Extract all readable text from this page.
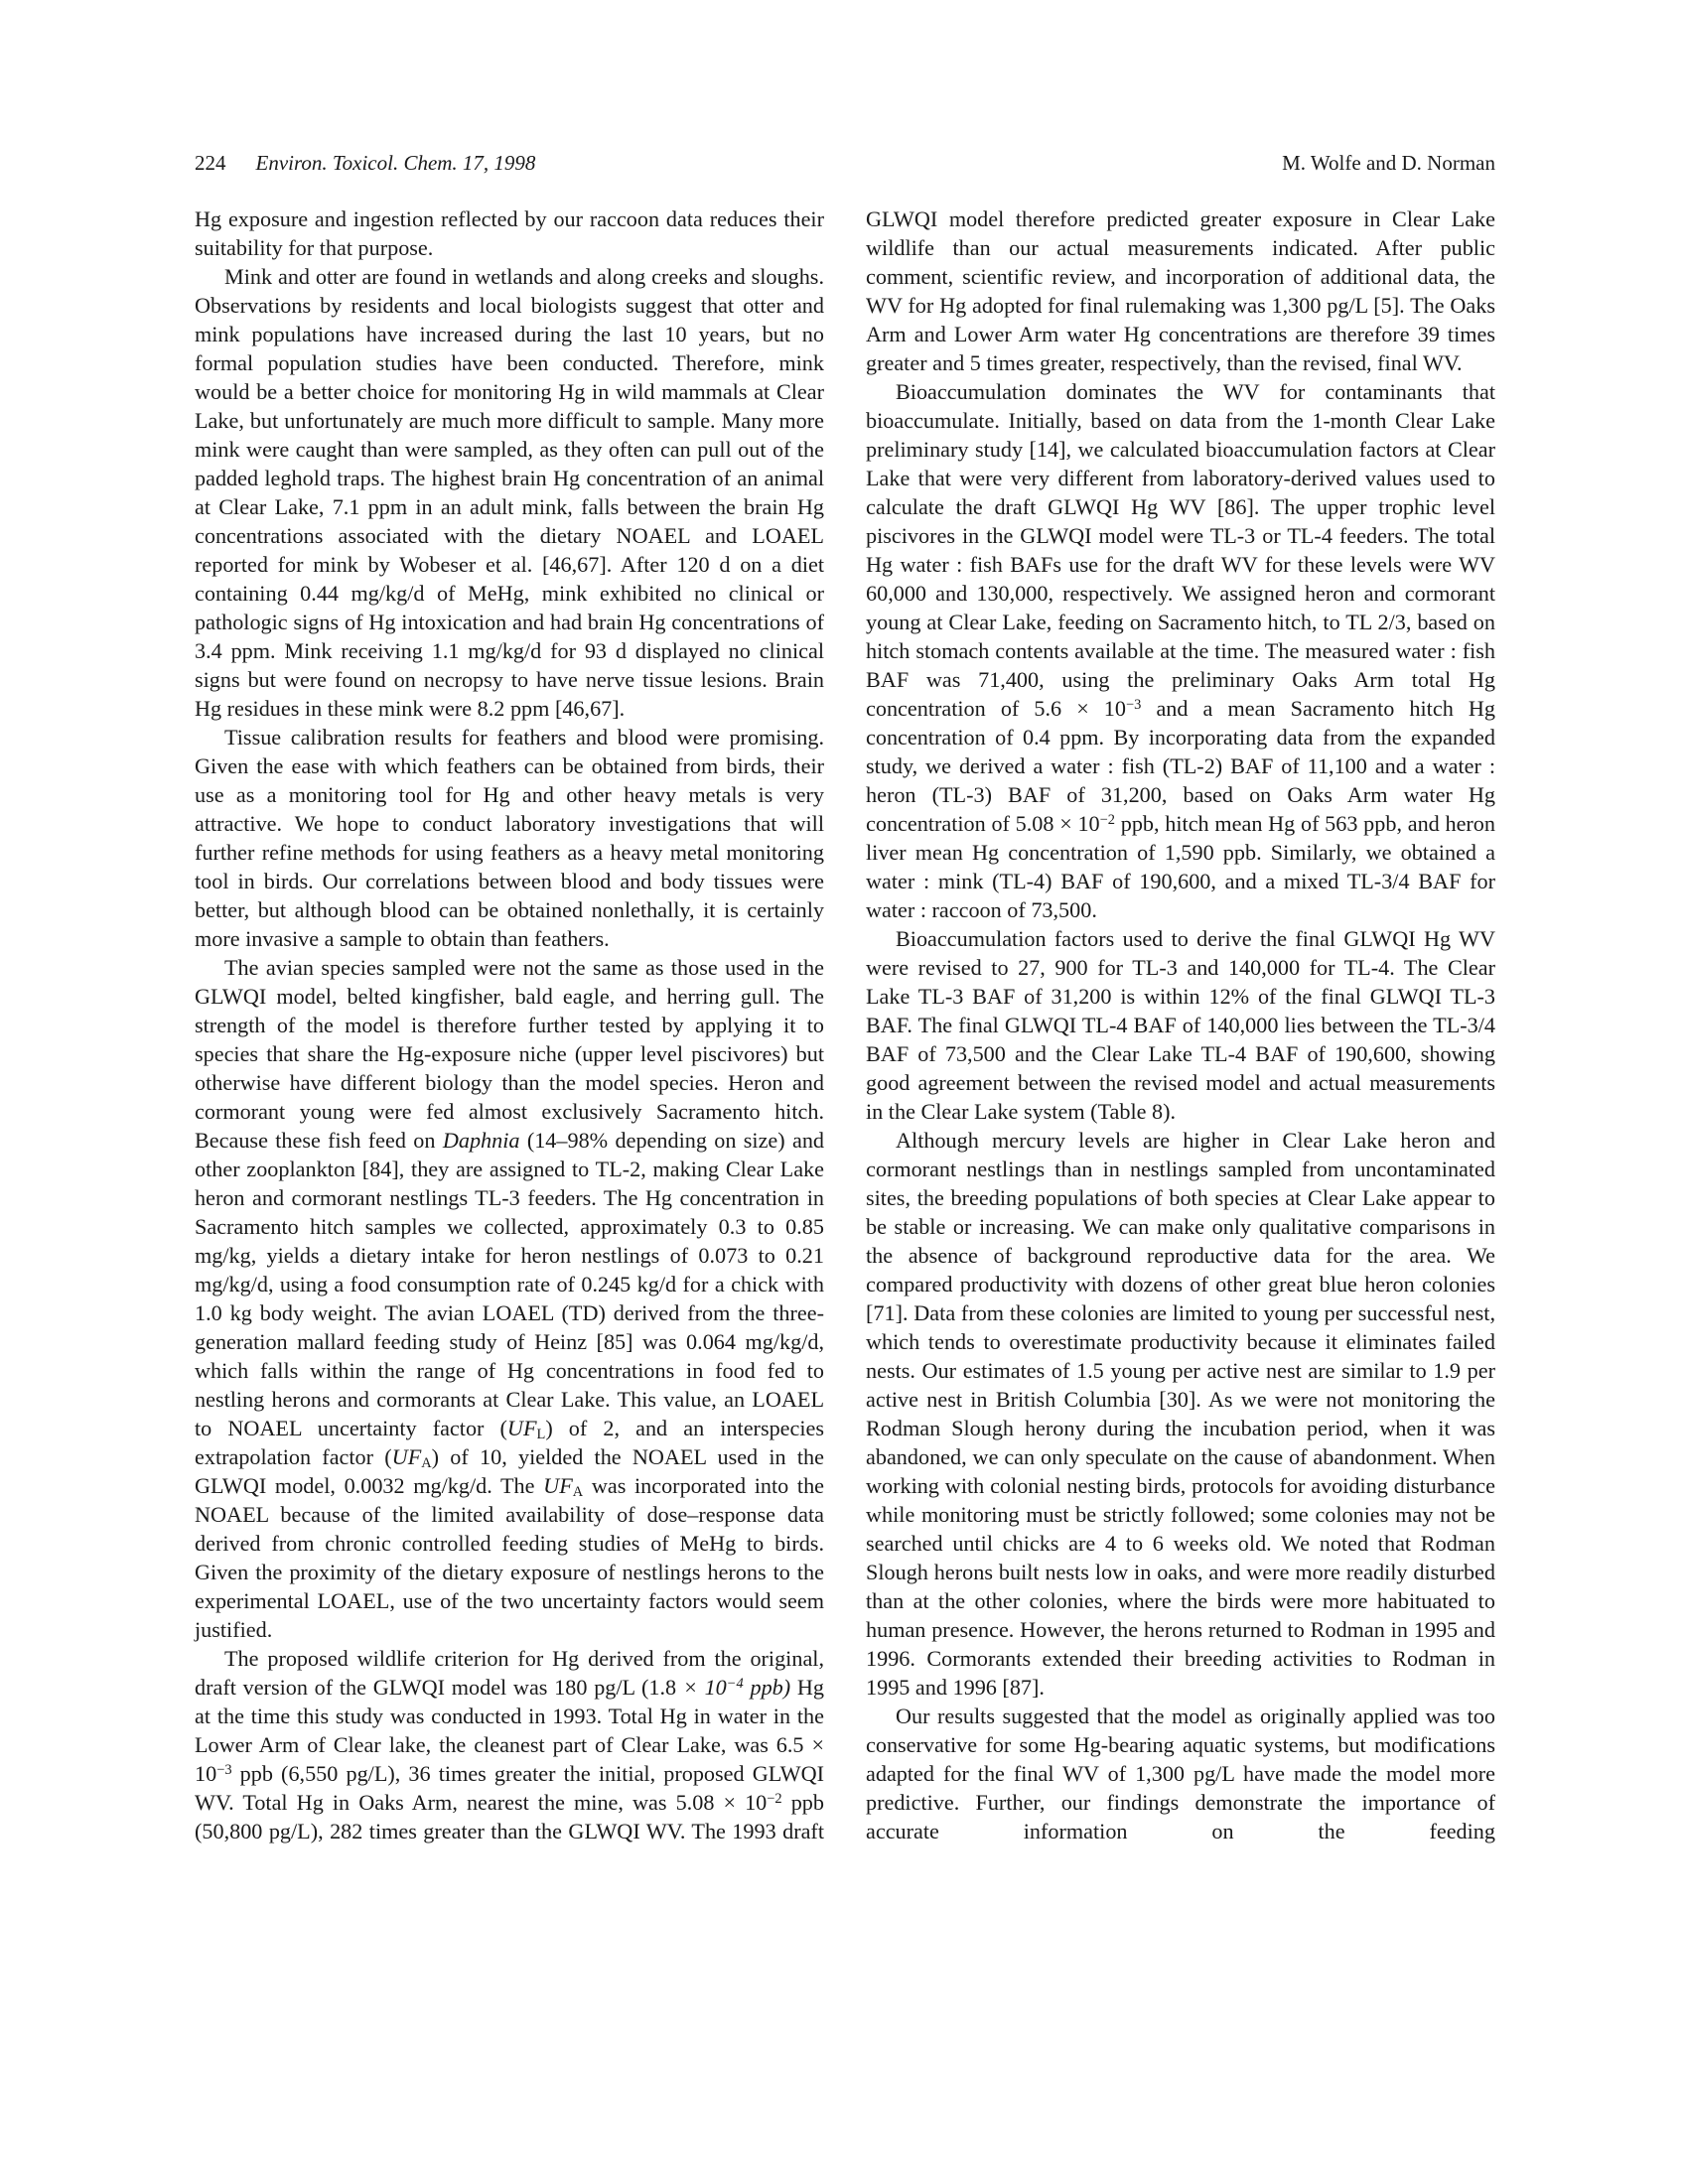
224 Environ. Toxicol. Chem. 17, 1998	M. Wolfe and D. Norman

Hg exposure and ingestion reflected by our raccoon data reduces their suitability for that purpose.

Mink and otter are found in wetlands and along creeks and sloughs. Observations by residents and local biologists suggest that otter and mink populations have increased during the last 10 years, but no formal population studies have been conducted. Therefore, mink would be a better choice for monitoring Hg in wild mammals at Clear Lake, but unfortunately are much more difficult to sample. Many more mink were caught than were sampled, as they often can pull out of the padded leghold traps. The highest brain Hg concentration of an animal at Clear Lake, 7.1 ppm in an adult mink, falls between the brain Hg concentrations associated with the dietary NOAEL and LOAEL reported for mink by Wobeser et al. [46,67]. After 120 d on a diet containing 0.44 mg/kg/d of MeHg, mink exhibited no clinical or pathologic signs of Hg intoxication and had brain Hg concentrations of 3.4 ppm. Mink receiving 1.1 mg/kg/d for 93 d displayed no clinical signs but were found on necropsy to have nerve tissue lesions. Brain Hg residues in these mink were 8.2 ppm [46,67].

Tissue calibration results for feathers and blood were promising. Given the ease with which feathers can be obtained from birds, their use as a monitoring tool for Hg and other heavy metals is very attractive. We hope to conduct laboratory investigations that will further refine methods for using feathers as a heavy metal monitoring tool in birds. Our correlations between blood and body tissues were better, but although blood can be obtained nonlethally, it is certainly more invasive a sample to obtain than feathers.

The avian species sampled were not the same as those used in the GLWQI model, belted kingfisher, bald eagle, and herring gull. The strength of the model is therefore further tested by applying it to species that share the Hg-exposure niche (upper level piscivores) but otherwise have different biology than the model species. Heron and cormorant young were fed almost exclusively Sacramento hitch. Because these fish feed on Daphnia (14–98% depending on size) and other zooplankton [84], they are assigned to TL-2, making Clear Lake heron and cormorant nestlings TL-3 feeders. The Hg concentration in Sacramento hitch samples we collected, approximately 0.3 to 0.85 mg/kg, yields a dietary intake for heron nestlings of 0.073 to 0.21 mg/kg/d, using a food consumption rate of 0.245 kg/d for a chick with 1.0 kg body weight. The avian LOAEL (TD) derived from the three-generation mallard feeding study of Heinz [85] was 0.064 mg/kg/d, which falls within the range of Hg concentrations in food fed to nestling herons and cormorants at Clear Lake. This value, an LOAEL to NOAEL uncertainty factor $(UF_L)$ of 2, and an interspecies extrapolation factor $(UF_A)$ of 10, yielded the NOAEL used in the GLWQI model, 0.0032 mg/kg/d. The $UF_A$ was incorporated into the NOAEL because of the limited availability of dose–response data derived from chronic controlled feeding studies of MeHg to birds. Given the proximity of the dietary exposure of nestlings herons to the experimental LOAEL, use of the two uncertainty factors would seem justified.

The proposed wildlife criterion for Hg derived from the original, draft version of the GLWQI model was 180 pg/L ($1.8 \times 10^{-4}$ ppb) Hg at the time this study was conducted in 1993. Total Hg in water in the Lower Arm of Clear lake, the cleanest part of Clear Lake, was $6.5 \times 10^{-3}$ ppb (6,550 pg/L), 36 times greater the initial, proposed GLWQI WV. Total Hg in Oaks Arm, nearest the mine, was $5.08 \times 10^{-2}$ ppb (50,800 pg/L), 282 times greater than the GLWQI WV. The 1993 draft

GLWQI model therefore predicted greater exposure in Clear Lake wildlife than our actual measurements indicated. After public comment, scientific review, and incorporation of additional data, the WV for Hg adopted for final rulemaking was 1,300 pg/L [5]. The Oaks Arm and Lower Arm water Hg concentrations are therefore 39 times greater and 5 times greater, respectively, than the revised, final WV.

Bioaccumulation dominates the WV for contaminants that bioaccumulate. Initially, based on data from the 1-month Clear Lake preliminary study [14], we calculated bioaccumulation factors at Clear Lake that were very different from laboratory-derived values used to calculate the draft GLWQI Hg WV [86]. The upper trophic level piscivores in the GLWQI model were TL-3 or TL-4 feeders. The total Hg water : fish BAFs use for the draft WV for these levels were WV 60,000 and 130,000, respectively. We assigned heron and cormorant young at Clear Lake, feeding on Sacramento hitch, to TL 2/3, based on hitch stomach contents available at the time. The measured water : fish BAF was 71,400, using the preliminary Oaks Arm total Hg concentration of $5.6 \times 10^{-3}$ and a mean Sacramento hitch Hg concentration of 0.4 ppm. By incorporating data from the expanded study, we derived a water : fish (TL-2) BAF of 11,100 and a water : heron (TL-3) BAF of 31,200, based on Oaks Arm water Hg concentration of $5.08 \times 10^{-2}$ ppb, hitch mean Hg of 563 ppb, and heron liver mean Hg concentration of 1,590 ppb. Similarly, we obtained a water : mink (TL-4) BAF of 190,600, and a mixed TL-3/4 BAF for water : raccoon of 73,500.

Bioaccumulation factors used to derive the final GLWQI Hg WV were revised to 27, 900 for TL-3 and 140,000 for TL-4. The Clear Lake TL-3 BAF of 31,200 is within 12% of the final GLWQI TL-3 BAF. The final GLWQI TL-4 BAF of 140,000 lies between the TL-3/4 BAF of 73,500 and the Clear Lake TL-4 BAF of 190,600, showing good agreement between the revised model and actual measurements in the Clear Lake system (Table 8).

Although mercury levels are higher in Clear Lake heron and cormorant nestlings than in nestlings sampled from uncontaminated sites, the breeding populations of both species at Clear Lake appear to be stable or increasing. We can make only qualitative comparisons in the absence of background reproductive data for the area. We compared productivity with dozens of other great blue heron colonies [71]. Data from these colonies are limited to young per successful nest, which tends to overestimate productivity because it eliminates failed nests. Our estimates of 1.5 young per active nest are similar to 1.9 per active nest in British Columbia [30]. As we were not monitoring the Rodman Slough herony during the incubation period, when it was abandoned, we can only speculate on the cause of abandonment. When working with colonial nesting birds, protocols for avoiding disturbance while monitoring must be strictly followed; some colonies may not be searched until chicks are 4 to 6 weeks old. We noted that Rodman Slough herons built nests low in oaks, and were more readily disturbed than at the other colonies, where the birds were more habituated to human presence. However, the herons returned to Rodman in 1995 and 1996. Cormorants extended their breeding activities to Rodman in 1995 and 1996 [87].

Our results suggested that the model as originally applied was too conservative for some Hg-bearing aquatic systems, but modifications adapted for the final WV of 1,300 pg/L have made the model more predictive. Further, our findings demonstrate the importance of accurate information on the feeding
